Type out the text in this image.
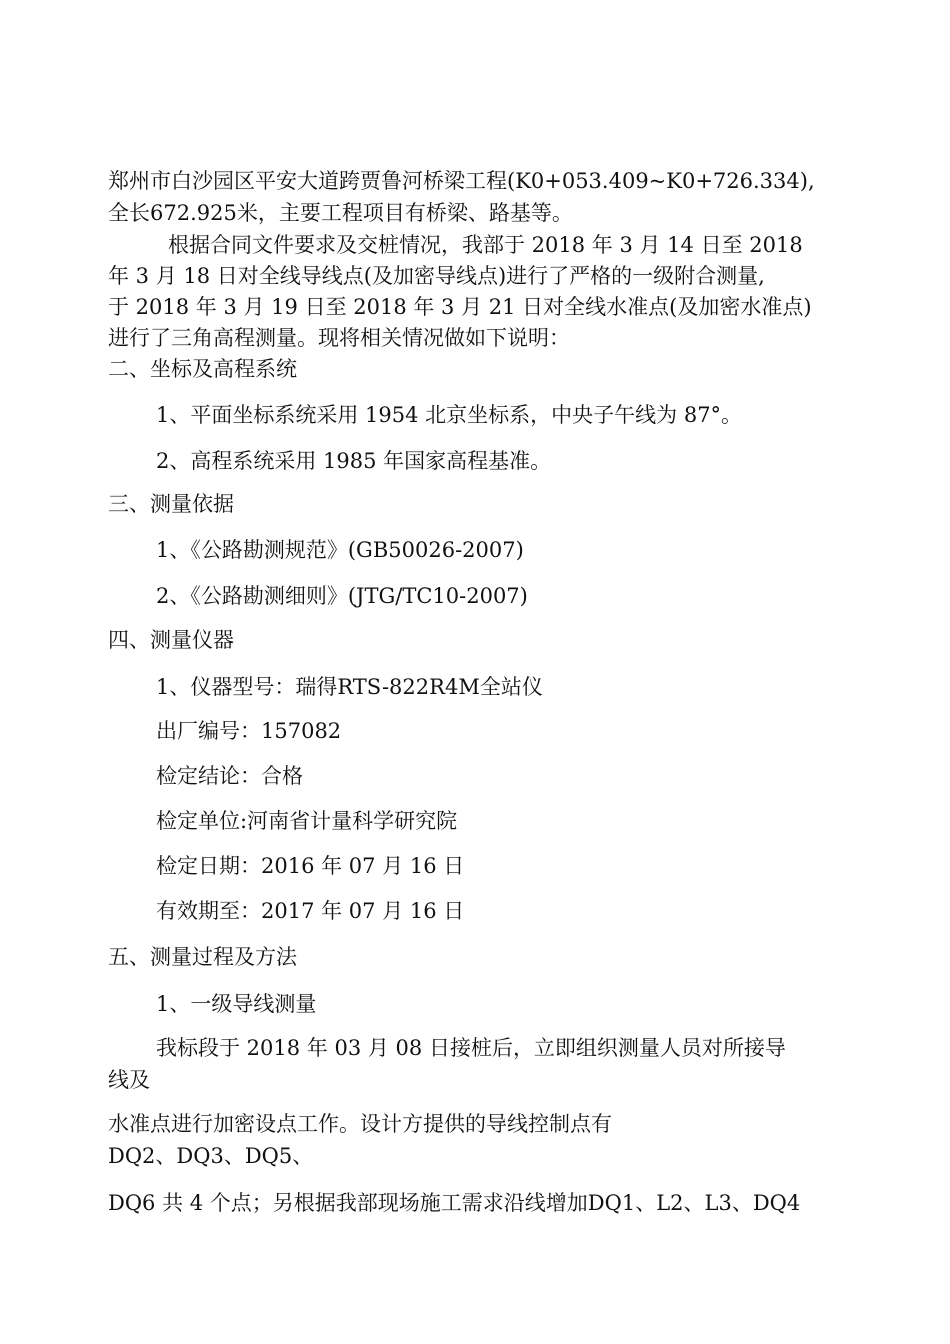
郑州市白沙园区平安大道跨贾鲁河桥梁工程(K0+053.409~K0+726.334),
全长672.925米，主要工程项目有桥梁、路基等。
根据合同文件要求及交桩情况，我部于 2018 年 3 月 14 日至 2018
年 3 月 18 日对全线导线点(及加密导线点)进行了严格的一级附合测量,
于 2018 年 3 月 19 日至 2018 年 3 月 21 日对全线水准点(及加密水准点)
进行了三角高程测量。现将相关情况做如下说明：
二、坐标及高程系统
1、平面坐标系统采用 1954 北京坐标系，中央子午线为 87°。
2、高程系统采用 1985 年国家高程基准。
三、测量依据
1、《公路勘测规范》(GB50026-2007)
2、《公路勘测细则》(JTG/TC10-2007)
四、测量仪器
1、仪器型号：瑞得RTS-822R4M全站仪
出厂编号：157082
检定结论：合格
检定单位:河南省计量科学研究院
检定日期：2016 年 07 月 16 日
有效期至：2017 年 07 月 16 日
五、测量过程及方法
1、一级导线测量
我标段于 2018 年 03 月 08 日接桩后，立即组织测量人员对所接导
线及
水准点进行加密设点工作。设计方提供的导线控制点有
DQ2、DQ3、DQ5、
DQ6 共 4 个点；另根据我部现场施工需求沿线增加DQ1、L2、L3、DQ4
